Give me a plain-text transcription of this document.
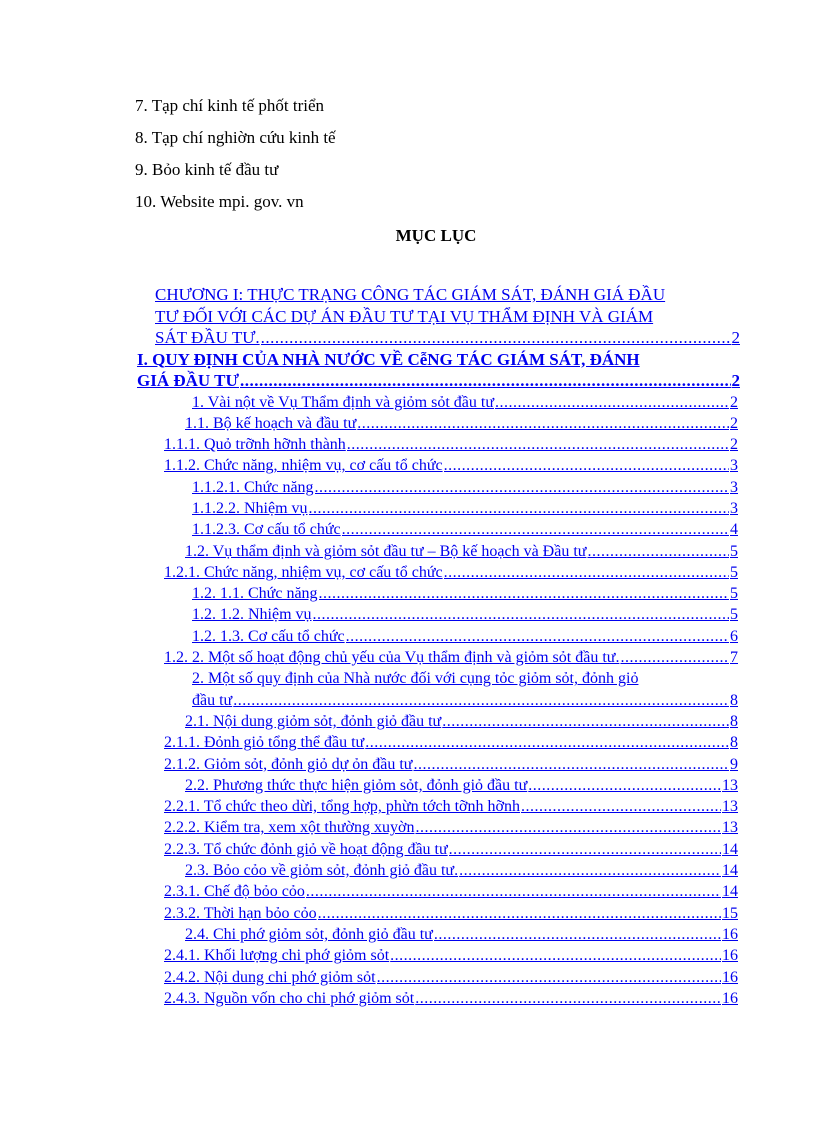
7. Tạp chí kinh tế phốt triển
8. Tạp chí nghiờn cứu kinh tế
9. Bỏo kinh tế đầu tư
10. Website mpi. gov. vn
MỤC LỤC
CHƯƠNG I: THỰC TRẠNG CÔNG TÁC GIÁM SÁT, ĐÁNH GIÁ ĐẦU
TƯ ĐỐI VỚI CÁC DỰ ÁN ĐẦU TƯ TẠI VỤ THẨM ĐỊNH VÀ GIÁM
SÁT ĐẦU TƯ. .....	2
I. QUY ĐỊNH CỦA NHÀ NƯỚC VỀ CễNG TÁC GIÁM SÁT, ĐÁNH
GIÁ ĐẦU TƯ .....	2
1. Vài nột về Vụ Thẩm định và giỏm sỏt đầu tư .....	2
1.1. Bộ kế hoạch và đầu tư .....	2
1.1.1. Quỏ trỡnh hỡnh thành .....	2
1.1.2. Chức năng, nhiệm vụ, cơ cấu tổ chức .....	3
1.1.2.1. Chức năng .....	3
1.1.2.2. Nhiệm vụ .....	3
1.1.2.3. Cơ cấu tổ chức .....	4
1.2. Vụ thẩm định và giỏm sỏt đầu tư – Bộ kế hoạch và Đầu tư .....	5
1.2.1. Chức năng, nhiệm vụ, cơ cấu tổ chức .....	5
1.2. 1.1. Chức năng .....	5
1.2. 1.2. Nhiệm vụ .....	5
1.2. 1.3. Cơ cấu tổ chức .....	6
1.2. 2. Một số hoạt động chủ yếu của Vụ thẩm định và giỏm sỏt đầu tư. .....	7
2. Một số quy định của Nhà nước đối với cụng tỏc giỏm sỏt, đỏnh giỏ
đầu tư .....	8
2.1. Nội dung giỏm sỏt, đỏnh giỏ đầu tư .....	8
2.1.1. Đỏnh giỏ tổng thể đầu tư .....	8
2.1.2. Giỏm sỏt, đỏnh giỏ dự ỏn đầu tư .....	9
2.2. Phương thức thực hiện giỏm sỏt, đỏnh giỏ đầu tư .....	13
2.2.1. Tổ chức theo dừi, tổng hợp, phừn tớch tỡnh hỡnh .....	13
2.2.2. Kiểm tra, xem xột thường xuyờn .....	13
2.2.3. Tổ chức đỏnh giỏ về hoạt động đầu tư .....	14
2.3. Bỏo cỏo về giỏm sỏt, đỏnh giỏ đầu tư. .....	14
2.3.1. Chế độ bỏo cỏo .....	14
2.3.2. Thời hạn bỏo cỏo .....	15
2.4. Chi phớ giỏm sỏt, đỏnh giỏ đầu tư .....	16
2.4.1. Khối lượng chi phớ giỏm sỏt .....	16
2.4.2. Nội dung chi phớ giỏm sỏt .....	16
2.4.3. Nguồn vốn cho chi phớ giỏm sỏt .....	16
